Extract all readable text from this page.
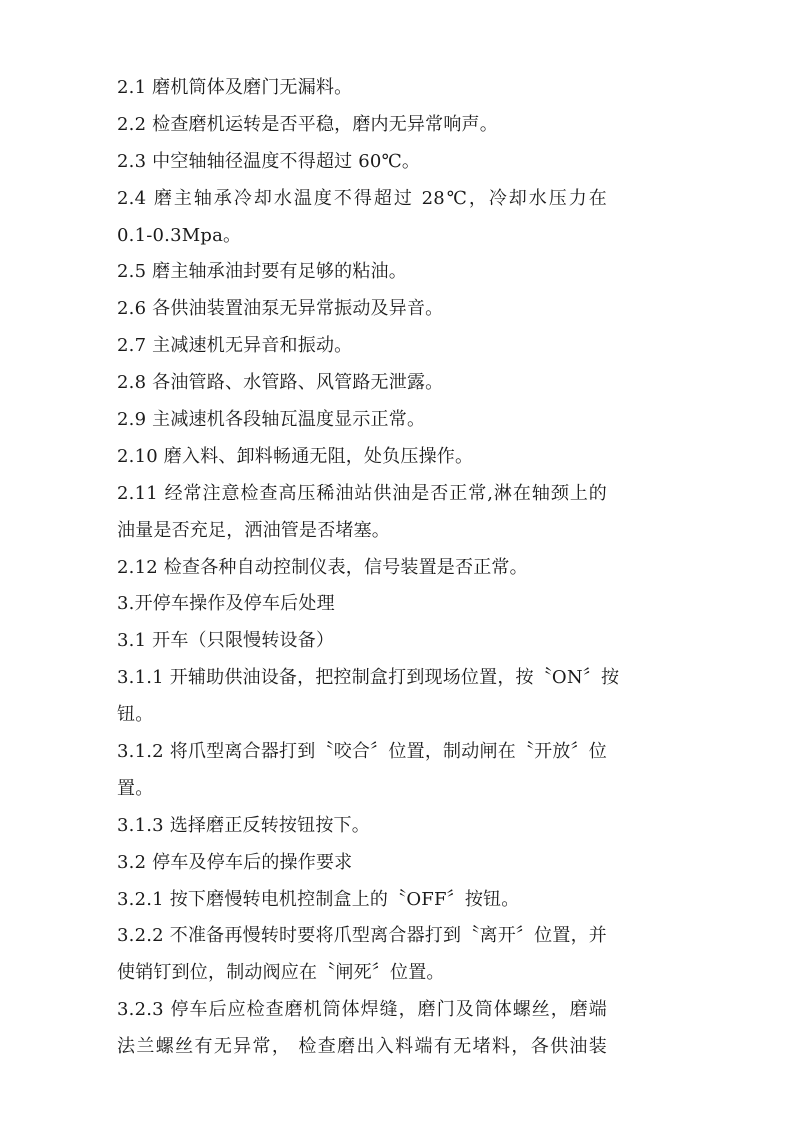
2.1 磨机筒体及磨门无漏料。
2.2 检查磨机运转是否平稳，磨内无异常响声。
2.3 中空轴轴径温度不得超过 60℃。
2.4 磨主轴承冷却水温度不得超过 28℃，冷却水压力在
0.1-0.3Mpa。
2.5 磨主轴承油封要有足够的粘油。
2.6 各供油装置油泵无异常振动及异音。
2.7 主减速机无异音和振动。
2.8 各油管路、水管路、风管路无泄露。
2.9 主减速机各段轴瓦温度显示正常。
2.10 磨入料、卸料畅通无阻，处负压操作。
2.11 经常注意检查高压稀油站供油是否正常,淋在轴颈上的
油量是否充足，洒油管是否堵塞。
2.12 检查各种自动控制仪表，信号装置是否正常。
3.开停车操作及停车后处理
3.1 开车（只限慢转设备）
3.1.1 开辅助供油设备，把控制盒打到现场位置，按〝ON〞按
钮。
3.1.2 将爪型离合器打到〝咬合〞位置，制动闸在〝开放〞位
置。
3.1.3 选择磨正反转按钮按下。
3.2 停车及停车后的操作要求
3.2.1 按下磨慢转电机控制盒上的〝OFF〞按钮。
3.2.2 不准备再慢转时要将爪型离合器打到〝离开〞位置，并
使销钉到位，制动阀应在〝闸死〞位置。
3.2.3 停车后应检查磨机筒体焊缝，磨门及筒体螺丝，磨端
法兰螺丝有无异常， 检查磨出入料端有无堵料，各供油装
